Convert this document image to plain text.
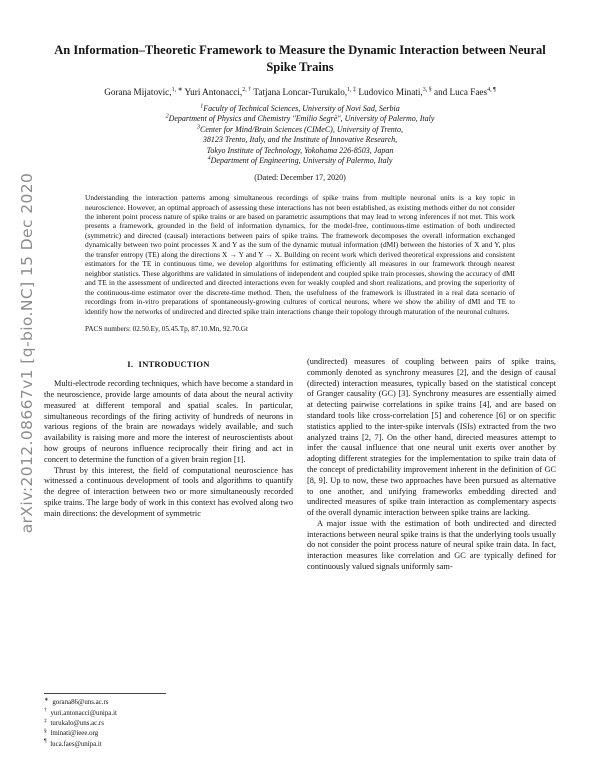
arXiv:2012.08667v1 [q-bio.NC] 15 Dec 2020
An Information–Theoretic Framework to Measure the Dynamic Interaction between Neural Spike Trains
Gorana Mijatovic,$^{1, ∗}$ Yuri Antonacci,$^{2, \dagger}$ Tatjana Loncar-Turukalo,$^{1, \ddagger}$ Ludovico Minati,$^{3, \S}$ and Luca Faes$^{4, \P}$
$^1$Faculty of Technical Sciences, University of Novi Sad, Serbia
$^2$Department of Physics and Chemistry "Emilio Segrè", University of Palermo, Italy
$^3$Center for Mind/Brain Sciences (CIMeC), University of Trento,
38123 Trento, Italy, and the Institute of Innovative Research,
Tokyo Institute of Technology, Yokohama 226-8503, Japan
$^4$Department of Engineering, University of Palermo, Italy
(Dated: December 17, 2020)
Understanding the interaction patterns among simultaneous recordings of spike trains from multiple neuronal units is a key topic in neuroscience. However, an optimal approach of assessing these interactions has not been established, as existing methods either do not consider the inherent point process nature of spike trains or are based on parametric assumptions that may lead to wrong inferences if not met. This work presents a framework, grounded in the field of information dynamics, for the model-free, continuous-time estimation of both undirected (symmetric) and directed (causal) interactions between pairs of spike trains. The framework decomposes the overall information exchanged dynamically between two point processes X and Y as the sum of the dynamic mutual information (dMI) between the histories of X and Y, plus the transfer entropy (TE) along the directions X → Y and Y → X. Building on recent work which derived theoretical expressions and consistent estimators for the TE in continuous time, we develop algorithms for estimating efficiently all measures in our framework through nearest neighbor statistics. These algorithms are validated in simulations of independent and coupled spike train processes, showing the accuracy of dMI and TE in the assessment of undirected and directed interactions even for weakly coupled and short realizations, and proving the superiority of the continuous-time estimator over the discrete-time method. Then, the usefulness of the framework is illustrated in a real data scenario of recordings from in-vitro preparations of spontaneously-growing cultures of cortical neurons, where we show the ability of dMI and TE to identify how the networks of undirected and directed spike train interactions change their topology through maturation of the neuronal cultures.
PACS numbers: 02.50.Ey, 05.45.Tp, 87.10.Mn, 92.70.Gt
I. INTRODUCTION

Multi-electrode recording techniques, which have become a standard in the neuroscience, provide large amounts of data about the neural activity measured at different temporal and spatial scales. In particular, simultaneous recordings of the firing activity of hundreds of neurons in various regions of the brain are nowadays widely available, and such availability is raising more and more the interest of neuroscientists about how groups of neurons influence reciprocally their firing and act in concert to determine the function of a given brain region [1].

Thrust by this interest, the field of computational neuroscience has witnessed a continuous development of tools and algorithms to quantify the degree of interaction between two or more simultaneously recorded spike trains. The large body of work in this context has evolved along two main directions: the development of symmetric

(undirected) measures of coupling between pairs of spike trains, commonly denoted as synchrony measures [2], and the design of causal (directed) interaction measures, typically based on the statistical concept of Granger causality (GC) [3]. Synchrony measures are essentially aimed at detecting pairwise correlations in spike trains [4], and are based on standard tools like cross-correlation [5] and coherence [6] or on specific statistics applied to the inter-spike intervals (ISIs) extracted from the two analyzed trains [2, 7]. On the other hand, directed measures attempt to infer the causal influence that one neural unit exerts over another by adopting different strategies for the implementation to spike train data of the concept of predictability improvement inherent in the definition of GC [8, 9]. Up to now, these two approaches have been pursued as alternative to one another, and unifying frameworks embedding directed and undirected measures of spike train interaction as complementary aspects of the overall dynamic interaction between spike trains are lacking.

A major issue with the estimation of both undirected and directed interactions between neural spike trains is that the underlying tools usually do not consider the point process nature of neural spike train data. In fact, interaction measures like correlation and GC are typically defined for continuously valued signals uniformly sam-

∗ gorana86@uns.ac.rs
† yuri.antonacci@unipa.it
‡ turukalo@uns.ac.rs
§ lminati@ieee.org
¶ luca.faes@unipa.it
